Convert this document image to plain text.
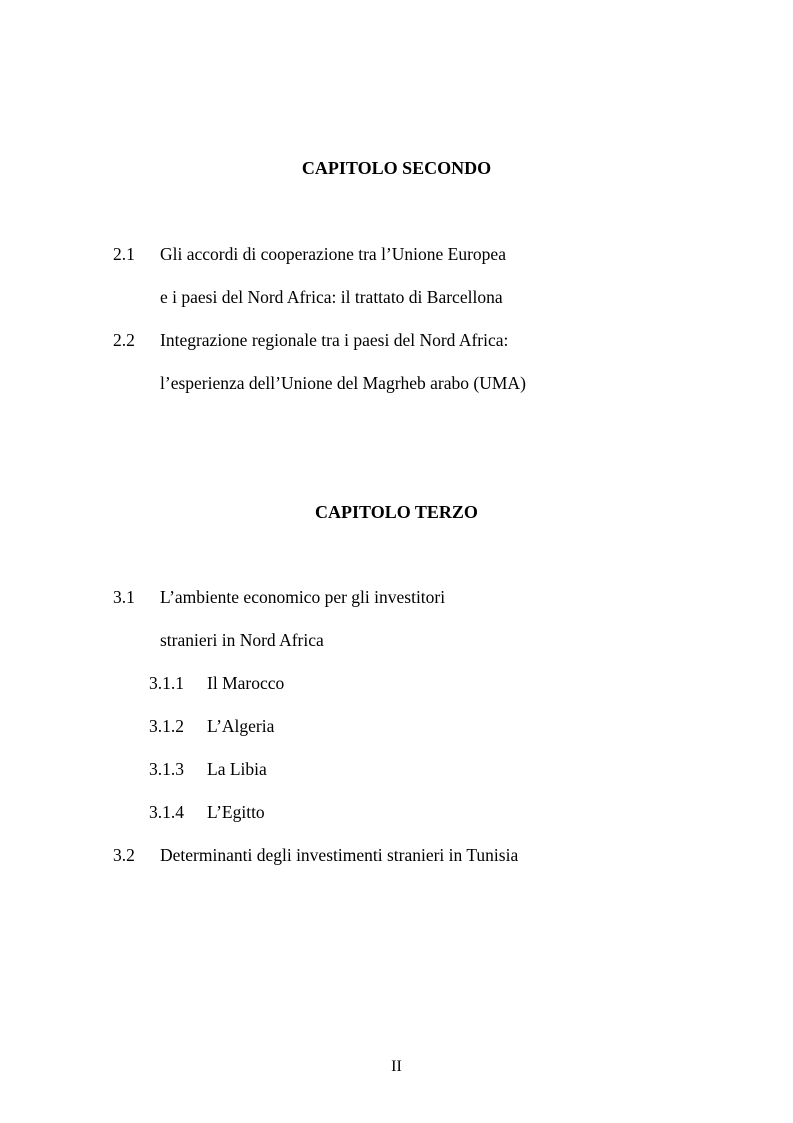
CAPITOLO SECONDO
2.1 Gli accordi di cooperazione tra l’Unione Europea
e i paesi del Nord Africa: il trattato di Barcellona
2.2 Integrazione regionale tra i paesi del Nord Africa:
l’esperienza dell’Unione del Magrheb arabo (UMA)
CAPITOLO TERZO
3.1 L’ambiente economico per gli investitori
stranieri in Nord Africa
3.1.1 Il Marocco
3.1.2 L’Algeria
3.1.3 La Libia
3.1.4 L’Egitto
3.2 Determinanti degli investimenti stranieri in Tunisia
II
